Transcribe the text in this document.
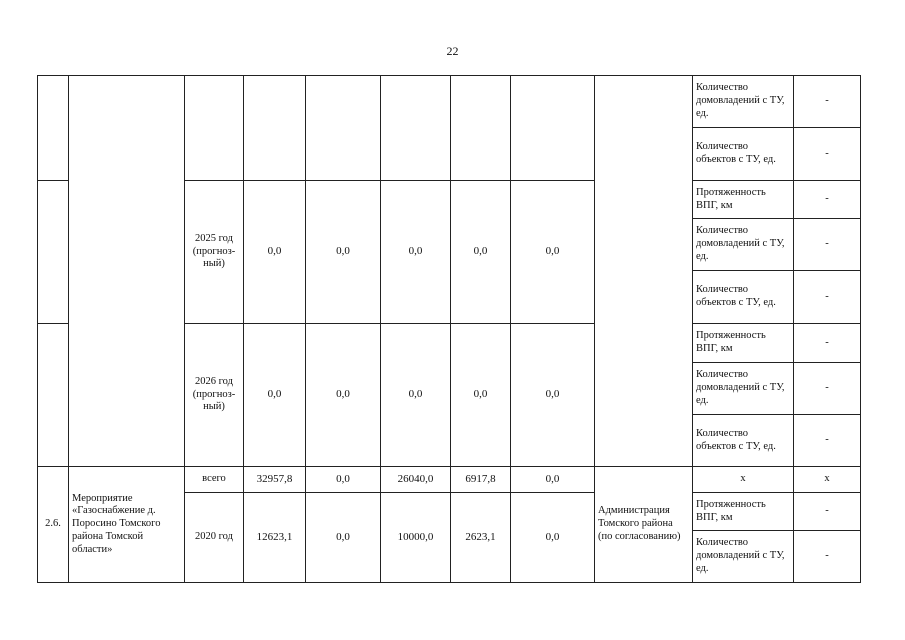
22
									Количество домовладений с ТУ, ед.	-
									Количество объектов с ТУ, ед.	-
		2025 год (прогноз-ный)	0,0	0,0	0,0	0,0	0,0		Протяженность ВПГ, км	-
									Количество домовладений с ТУ, ед.	-
									Количество объектов с ТУ, ед.	-
		2026 год (прогноз-ный)	0,0	0,0	0,0	0,0	0,0		Протяженность ВПГ, км	-
									Количество домовладений с ТУ, ед.	-
									Количество объектов с ТУ, ед.	-
2.6.	Мероприятие «Газоснабжение д. Поросино Томского района Томской области»	всего	32957,8	0,0	26040,0	6917,8	0,0	Администрация Томского района (по согласованию)	x	x
		2020 год	12623,1	0,0	10000,0	2623,1	0,0		Протяженность ВПГ, км	-
									Количество домовладений с ТУ, ед.	-
